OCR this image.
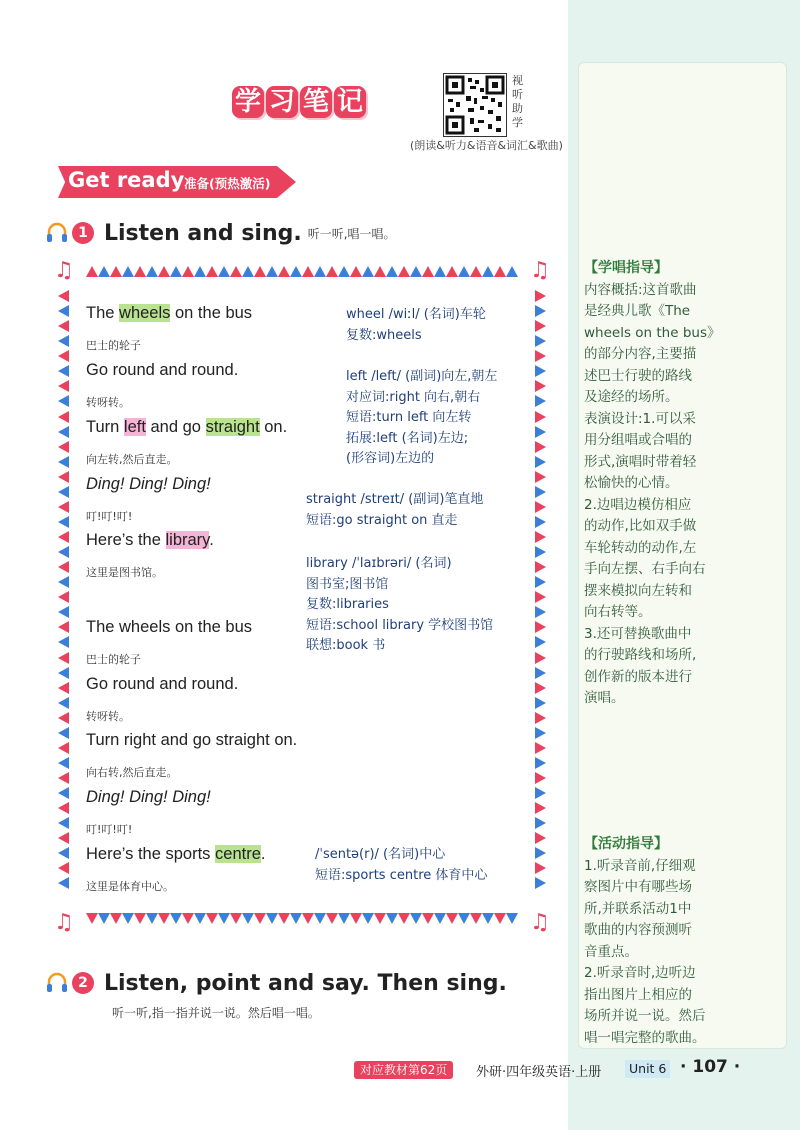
【学唱指导】

内容概括:这首歌曲

是经典儿歌《The

wheels on the bus》

的部分内容,主要描

述巴士行驶的路线

及途经的场所。

表演设计:1.可以采

用分组唱或合唱的

形式,演唱时带着轻

松愉快的心情。

2.边唱边模仿相应

的动作,比如双手做

车轮转动的动作,左

手向左摆、右手向右

摆来模拟向左转和

向右转等。

3.还可替换歌曲中

的行驶路线和场所,

创作新的版本进行

演唱。

【活动指导】

1.听录音前,仔细观

察图片中有哪些场

所,并联系活动1中

歌曲的内容预测听

音重点。

2.听录音时,边听边

指出图片上相应的

场所并说一说。然后

唱一唱完整的歌曲。

学 习 笔 记
视听助学
(朗读&听力&语音&词汇&歌曲)
Get ready 准备(预热激活)
1 Listen and sing. 听一听,唱一唱。
♫	♫
♫	♫
The wheels on the bus
巴士的轮子
Go round and round.
转呀转。
Turn left and go straight on.
向左转,然后直走。
Ding! Ding! Ding!
叮!叮!叮!
Here’s the library.
这里是图书馆。
The wheels on the bus
巴士的轮子
Go round and round.
转呀转。
Turn right and go straight on.
向右转,然后直走。
Ding! Ding! Ding!
叮!叮!叮!
Here’s the sports centre.
这里是体育中心。

wheel /wiːl/ (名词)车轮

复数:wheels

left /left/ (副词)向左,朝左

对应词:right 向右,朝右

短语:turn left 向左转

拓展:left (名词)左边;

(形容词)左边的

straight /streɪt/ (副词)笔直地

短语:go straight on 直走

library /ˈlaɪbrəri/ (名词)

图书室;图书馆

复数:libraries

短语:school library 学校图书馆

联想:book 书

/ˈsentə(r)/ (名词)中心

短语:sports centre 体育中心

2 Listen, point and say. Then sing.
听一听,指一指并说一说。然后唱一唱。
对应教材第62页	外研·四年级英语·上册	Unit 6 · 107 ·
